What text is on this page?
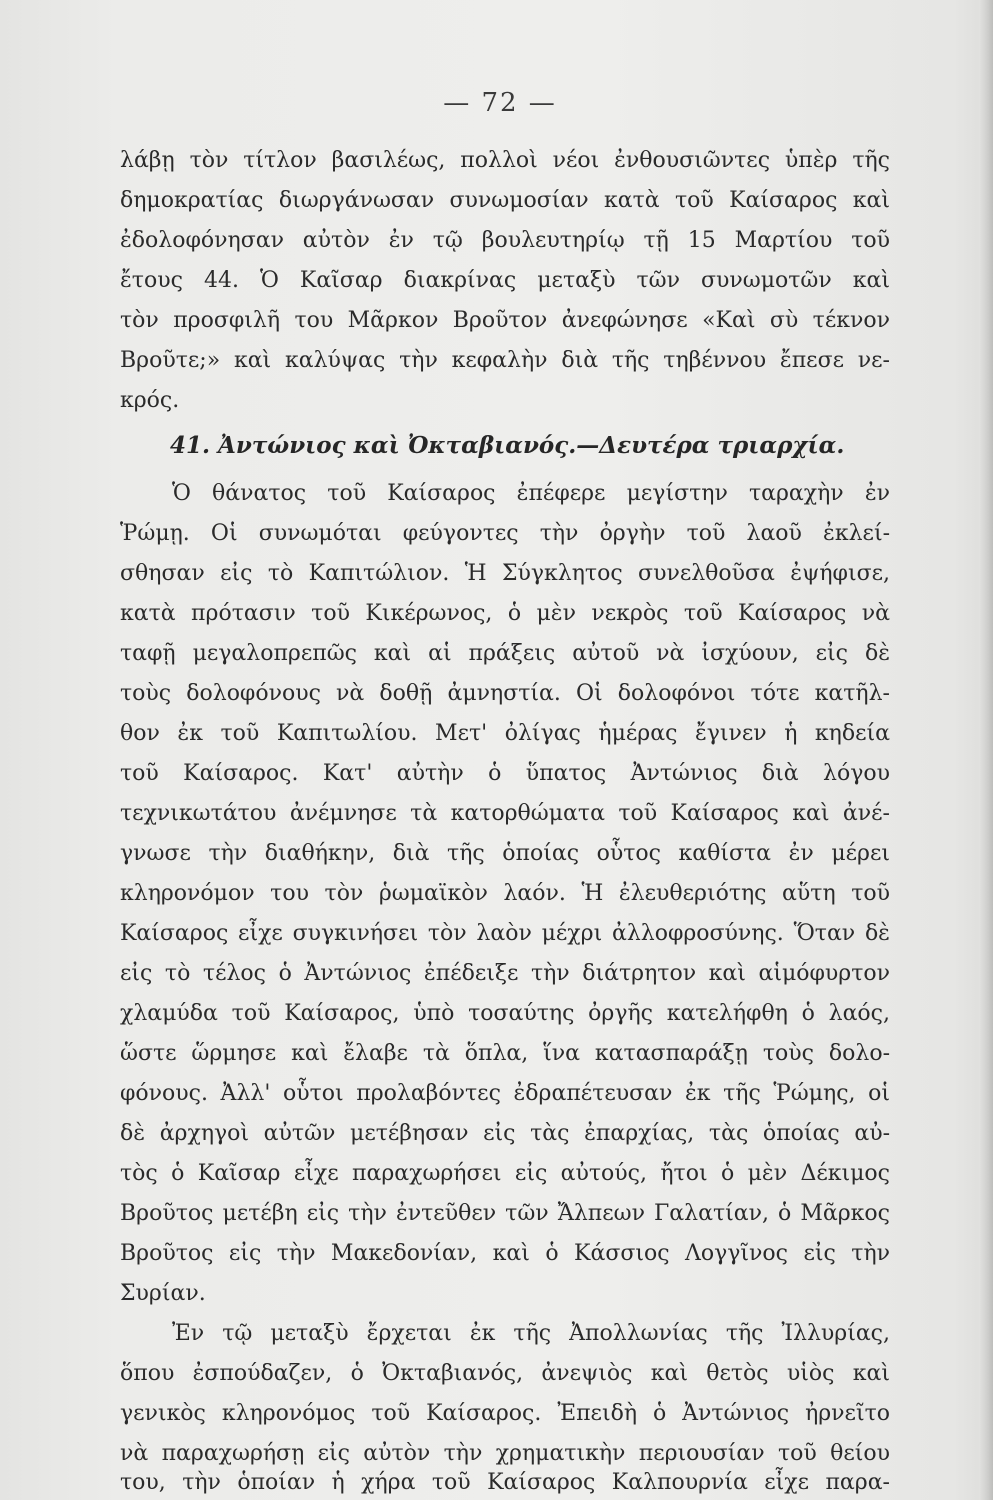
— 72 —
λάβῃ τὸν τίτλον βασιλέως, πολλοὶ νέοι ἐνθουσιῶντες ὑπὲρ τῆς
δημοκρατίας διωργάνωσαν συνωμοσίαν κατὰ τοῦ Καίσαρος καὶ
ἐδολοφόνησαν αὐτὸν ἐν τῷ βουλευτηρίῳ τῇ 15 Μαρτίου τοῦ
ἔτους 44. Ὁ Καῖσαρ διακρίνας μεταξὺ τῶν συνωμοτῶν καὶ
τὸν προσφιλῆ του Μᾶρκον Βροῦτον ἀνεφώνησε «Καὶ σὺ τέκνον
Βροῦτε;» καὶ καλύψας τὴν κεφαλὴν διὰ τῆς τηβέννου ἔπεσε νε-
κρός.
41. Ἀντώνιος καὶ Ὀκταβιανός.—Δευτέρα τριαρχία.
Ὁ θάνατος τοῦ Καίσαρος ἐπέφερε μεγίστην ταραχὴν ἐν
Ῥώμῃ. Οἱ συνωμόται φεύγοντες τὴν ὀργὴν τοῦ λαοῦ ἐκλεί-
σθησαν εἰς τὸ Καπιτώλιον. Ἡ Σύγκλητος συνελθοῦσα ἐψήφισε,
κατὰ πρότασιν τοῦ Κικέρωνος, ὁ μὲν νεκρὸς τοῦ Καίσαρος νὰ
ταφῇ μεγαλοπρεπῶς καὶ αἱ πράξεις αὐτοῦ νὰ ἰσχύουν, εἰς δὲ
τοὺς δολοφόνους νὰ δοθῇ ἀμνηστία. Οἱ δολοφόνοι τότε κατῆλ-
θον ἐκ τοῦ Καπιτωλίου. Μετ' ὀλίγας ἡμέρας ἔγινεν ἡ κηδεία
τοῦ Καίσαρος. Κατ' αὐτὴν ὁ ὕπατος Ἀντώνιος διὰ λόγου
τεχνικωτάτου ἀνέμνησε τὰ κατορθώματα τοῦ Καίσαρος καὶ ἀνέ-
γνωσε τὴν διαθήκην, διὰ τῆς ὁποίας οὗτος καθίστα ἐν μέρει
κληρονόμον του τὸν ῥωμαϊκὸν λαόν. Ἡ ἐλευθεριότης αὕτη τοῦ
Καίσαρος εἶχε συγκινήσει τὸν λαὸν μέχρι ἀλλοφροσύνης. Ὅταν δὲ
εἰς τὸ τέλος ὁ Ἀντώνιος ἐπέδειξε τὴν διάτρητον καὶ αἱμόφυρτον
χλαμύδα τοῦ Καίσαρος, ὑπὸ τοσαύτης ὀργῆς κατελήφθη ὁ λαός,
ὥστε ὥρμησε καὶ ἔλαβε τὰ ὅπλα, ἵνα κατασπαράξῃ τοὺς δολο-
φόνους. Ἀλλ' οὗτοι προλαβόντες ἐδραπέτευσαν ἐκ τῆς Ῥώμης, οἱ
δὲ ἀρχηγοὶ αὐτῶν μετέβησαν εἰς τὰς ἐπαρχίας, τὰς ὁποίας αὐ-
τὸς ὁ Καῖσαρ εἶχε παραχωρήσει εἰς αὐτούς, ἤτοι ὁ μὲν Δέκιμος
Βροῦτος μετέβη εἰς τὴν ἐντεῦθεν τῶν Ἄλπεων Γαλατίαν, ὁ Μᾶρκος
Βροῦτος εἰς τὴν Μακεδονίαν, καὶ ὁ Κάσσιος Λογγῖνος εἰς τὴν
Συρίαν.
Ἐν τῷ μεταξὺ ἔρχεται ἐκ τῆς Ἀπολλωνίας τῆς Ἰλλυρίας,
ὅπου ἐσπούδαζεν, ὁ Ὀκταβιανός, ἀνεψιὸς καὶ θετὸς υἱὸς καὶ
γενικὸς κληρονόμος τοῦ Καίσαρος. Ἐπειδὴ ὁ Ἀντώνιος ἠρνεῖτο
νὰ παραχωρήσῃ εἰς αὐτὸν τὴν χρηματικὴν περιουσίαν τοῦ θείου
του, τὴν ὁποίαν ἡ χήρα τοῦ Καίσαρος Καλπουρνία εἶχε παρα-
